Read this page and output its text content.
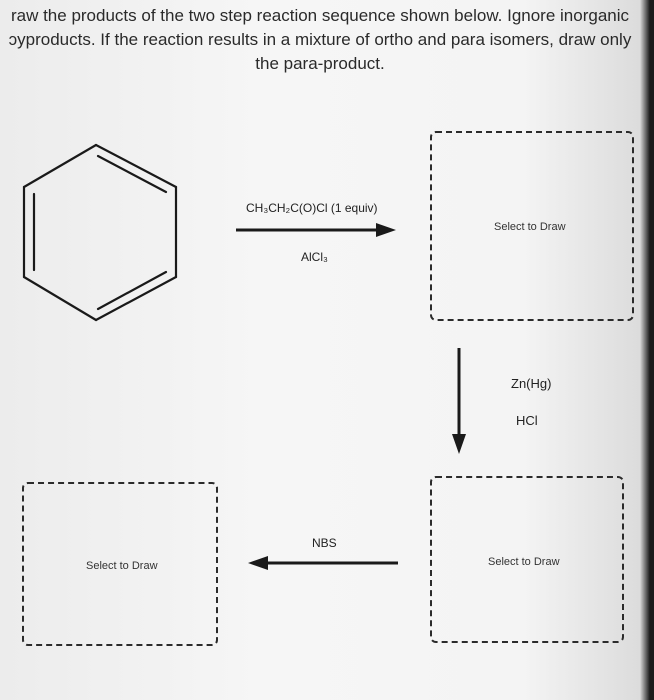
raw the products of the two step reaction sequence shown below. Ignore inorganic
ɔyproducts. If the reaction results in a mixture of ortho and para isomers, draw only
the para-product.
CH₃CH₂C(O)Cl (1 equiv)
AlCl₃
Select to Draw
Zn(Hg)
HCl
Select to Draw
NBS
Select to Draw
